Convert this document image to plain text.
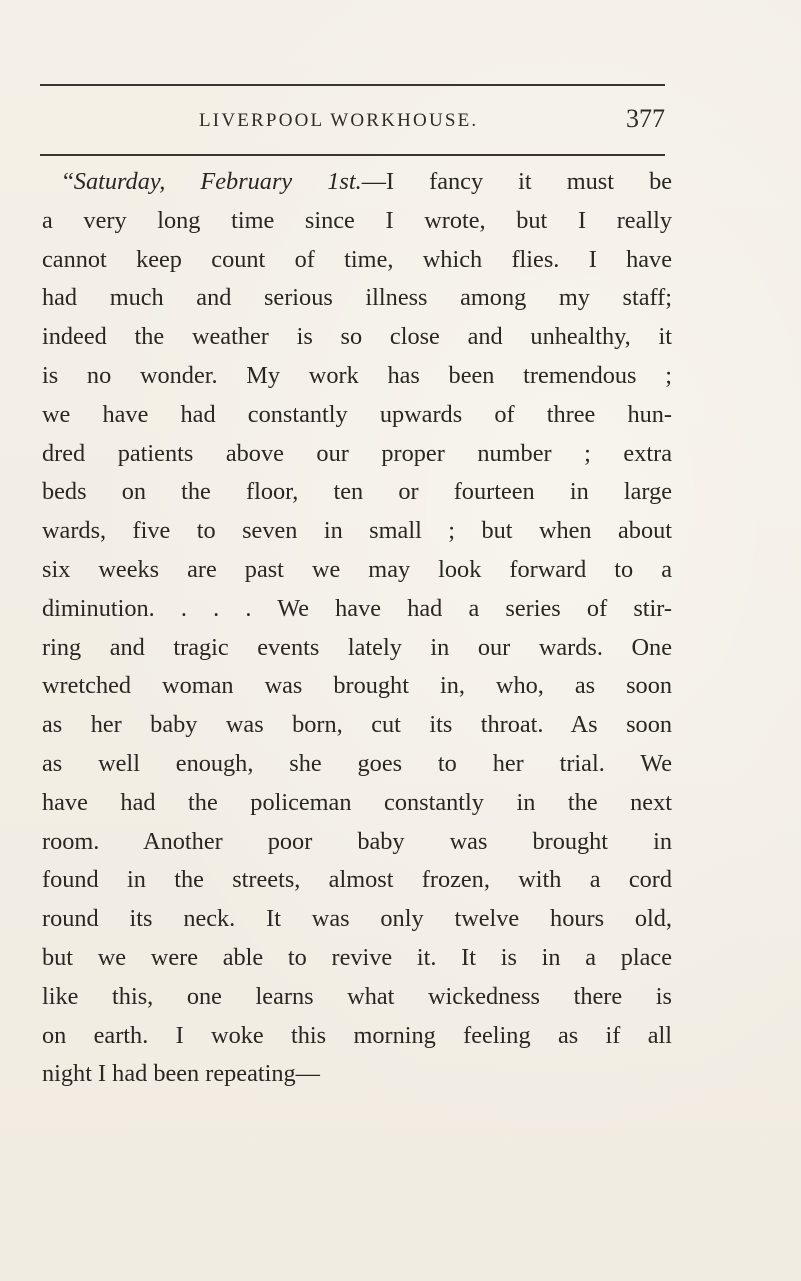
LIVERPOOL WORKHOUSE.	377
“Saturday, February 1st.—I fancy it must be
a very long time since I wrote, but I really
cannot keep count of time, which flies. I have
had much and serious illness among my staff;
indeed the weather is so close and unhealthy, it
is no wonder. My work has been tremendous ;
we have had constantly upwards of three hun-
dred patients above our proper number ; extra
beds on the floor, ten or fourteen in large
wards, five to seven in small ; but when about
six weeks are past we may look forward to a
diminution. . . . We have had a series of stir-
ring and tragic events lately in our wards. One
wretched woman was brought in, who, as soon
as her baby was born, cut its throat. As soon
as well enough, she goes to her trial. We
have had the policeman constantly in the next
room. Another poor baby was brought in
found in the streets, almost frozen, with a cord
round its neck. It was only twelve hours old,
but we were able to revive it. It is in a place
like this, one learns what wickedness there is
on earth. I woke this morning feeling as if all
night I had been repeating—
